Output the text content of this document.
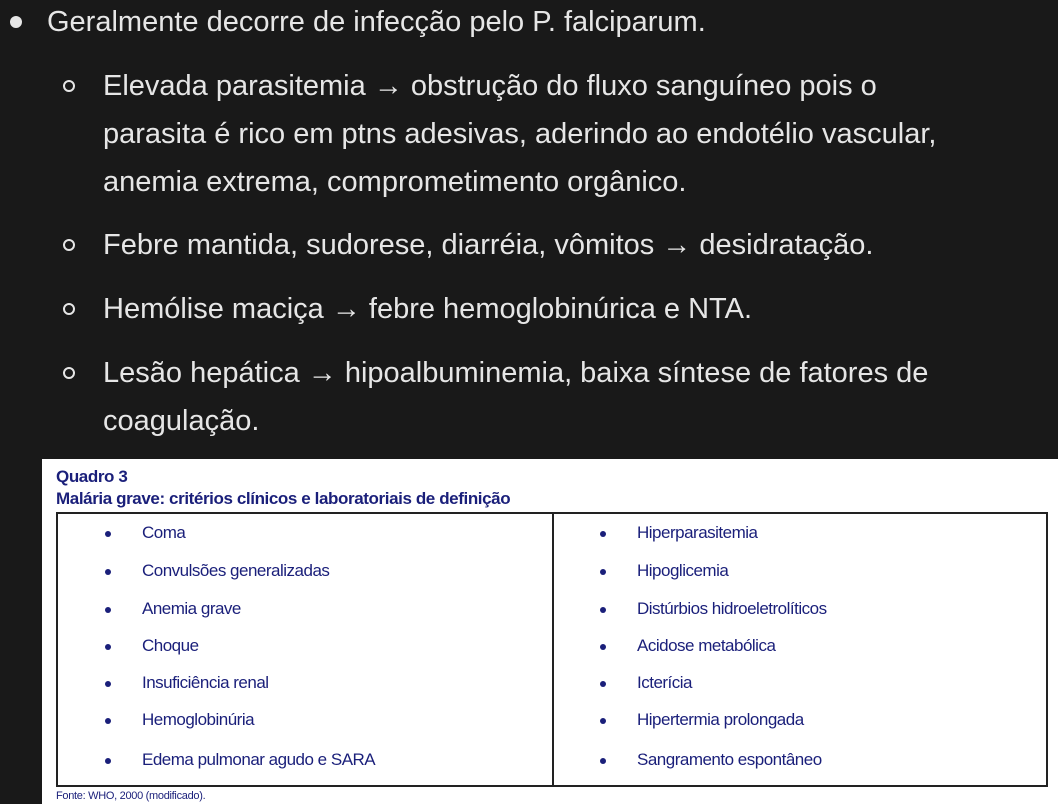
Geralmente decorre de infecção pelo P. falciparum.
Elevada parasitemia → obstrução do fluxo sanguíneo pois o
parasita é rico em ptns adesivas, aderindo ao endotélio vascular,
anemia extrema, comprometimento orgânico.
Febre mantida, sudorese, diarréia, vômitos → desidratação.
Hemólise maciça → febre hemoglobinúrica e NTA.
Lesão hepática → hipoalbuminemia, baixa síntese de fatores de
coagulação.
Quadro 3
Malária grave: critérios clínicos e laboratoriais de definição
Coma
Convulsões generalizadas
Anemia grave
Choque
Insuficiência renal
Hemoglobinúria
Edema pulmonar agudo e SARA
Hiperparasitemia
Hipoglicemia
Distúrbios hidroeletrolíticos
Acidose metabólica
Icterícia
Hipertermia prolongada
Sangramento espontâneo
Fonte: WHO, 2000 (modificado).
